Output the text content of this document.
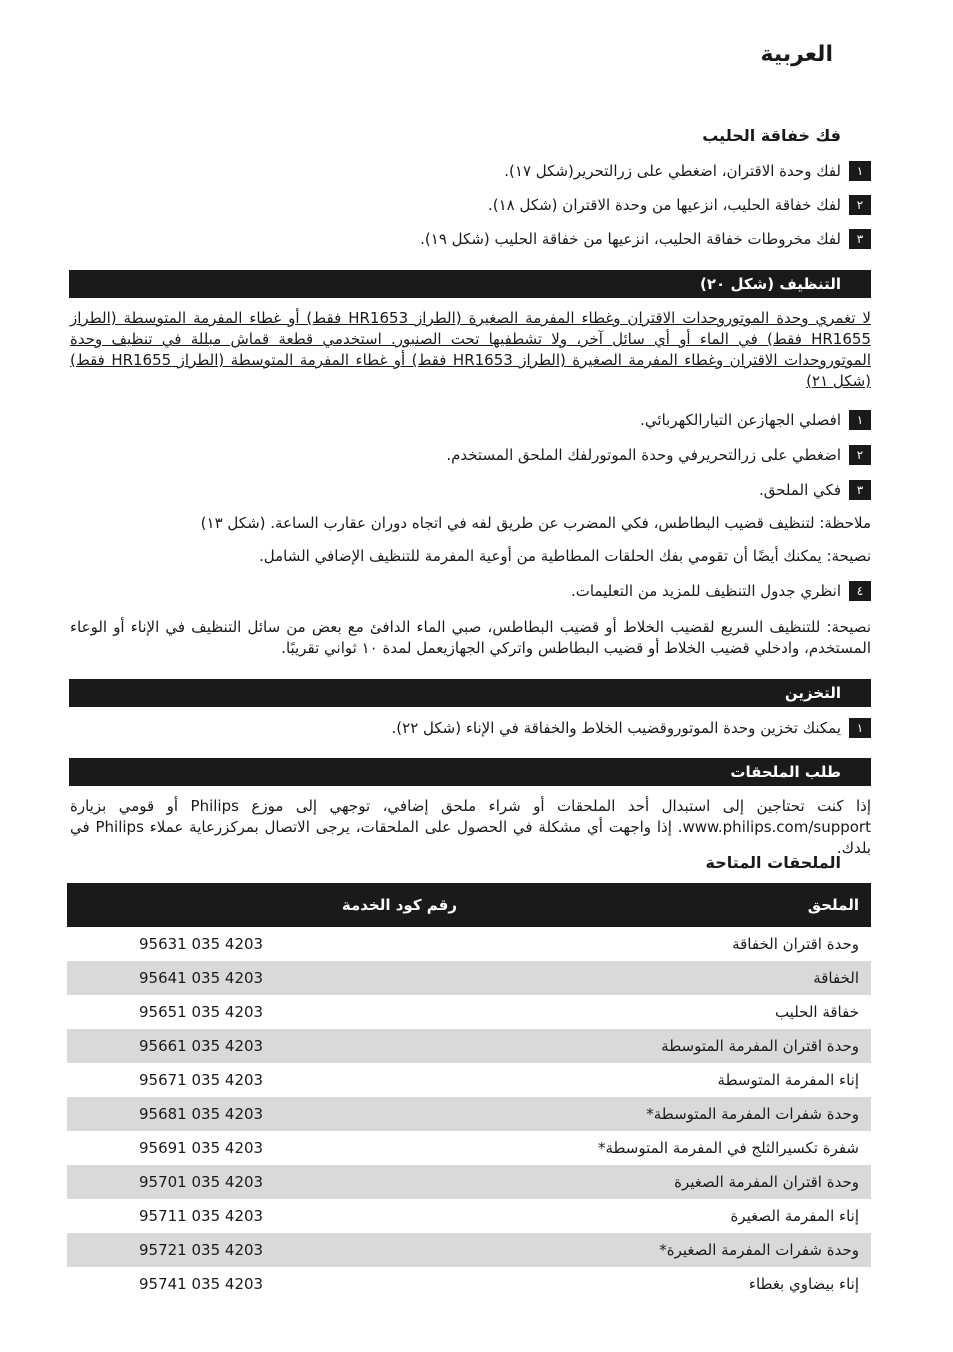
العربية
فك خفاقة الحليب
١
لفك وحدة الاقتران، اضغطي على زرالتحرير(شكل ١٧).
٢
لفك خفاقة الحليب، انزعيها من وحدة الاقتران (شكل ١٨).
٣
لفك مخروطات خفاقة الحليب، انزعيها من خفاقة الحليب (شكل ١٩).
التنظيف (شكل ٢٠)
لا تغمري وحدة الموتوروحدات الاقتران وغطاء المفرمة الصغيرة (الطراز HR1653 فقط) أو غطاء المفرمة المتوسطة (الطراز HR1655 فقط) في الماء أو أي سائل آخر، ولا تشطفيها تحت الصنبور. استخدمي قطعة قماش مبللة في تنظيف وحدة الموتوروحدات الاقتران وغطاء المفرمة الصغيرة (الطراز HR1653 فقط) أو غطاء المفرمة المتوسطة (الطراز HR1655 فقط) (شكل ٢١)
١
افصلي الجهازعن التيارالكهربائي.
٢
اضغطي على زرالتحريرفي وحدة الموتورلفك الملحق المستخدم.
٣
فكي الملحق.
ملاحظة: لتنظيف قضيب البطاطس، فكي المضرب عن طريق لفه في اتجاه دوران عقارب الساعة. (شكل ١٣)
نصيحة: يمكنك أيضًا أن تقومي بفك الحلقات المطاطية من أوعية المفرمة للتنظيف الإضافي الشامل.
٤
انظري جدول التنظيف للمزيد من التعليمات.
نصيحة: للتنظيف السريع لقضيب الخلاط أو قضيب البطاطس، صبي الماء الدافئ مع بعض من سائل التنظيف في الإناء أو الوعاء المستخدم، وادخلي قضيب الخلاط أو قضيب البطاطس واتركي الجهازيعمل لمدة ١٠ ثواني تقريبًا.
التخزين
١
يمكنك تخزين وحدة الموتوروقضيب الخلاط والخفاقة في الإناء (شكل ٢٢).
طلب الملحقات
إذا كنت تحتاجين إلى استبدال أحد الملحقات أو شراء ملحق إضافي، توجهي إلى موزع Philips أو قومي بزيارة www.philips.com/support. إذا واجهت أي مشكلة في الحصول على الملحقات، يرجى الاتصال بمركزرعاية عملاء Philips في بلدك.
الملحقات المتاحة
الملحق
رقم كود الخدمة
وحدة اقتران الخفاقة
4203 035 95631
الخفاقة
4203 035 95641
خفاقة الحليب
4203 035 95651
وحدة اقتران المفرمة المتوسطة
4203 035 95661
إناء المفرمة المتوسطة
4203 035 95671
وحدة شفرات المفرمة المتوسطة*
4203 035 95681
شفرة تكسيرالثلج في المفرمة المتوسطة*
4203 035 95691
وحدة اقتران المفرمة الصغيرة
4203 035 95701
إناء المفرمة الصغيرة
4203 035 95711
وحدة شفرات المفرمة الصغيرة*
4203 035 95721
إناء بيضاوي بغطاء
4203 035 95741
